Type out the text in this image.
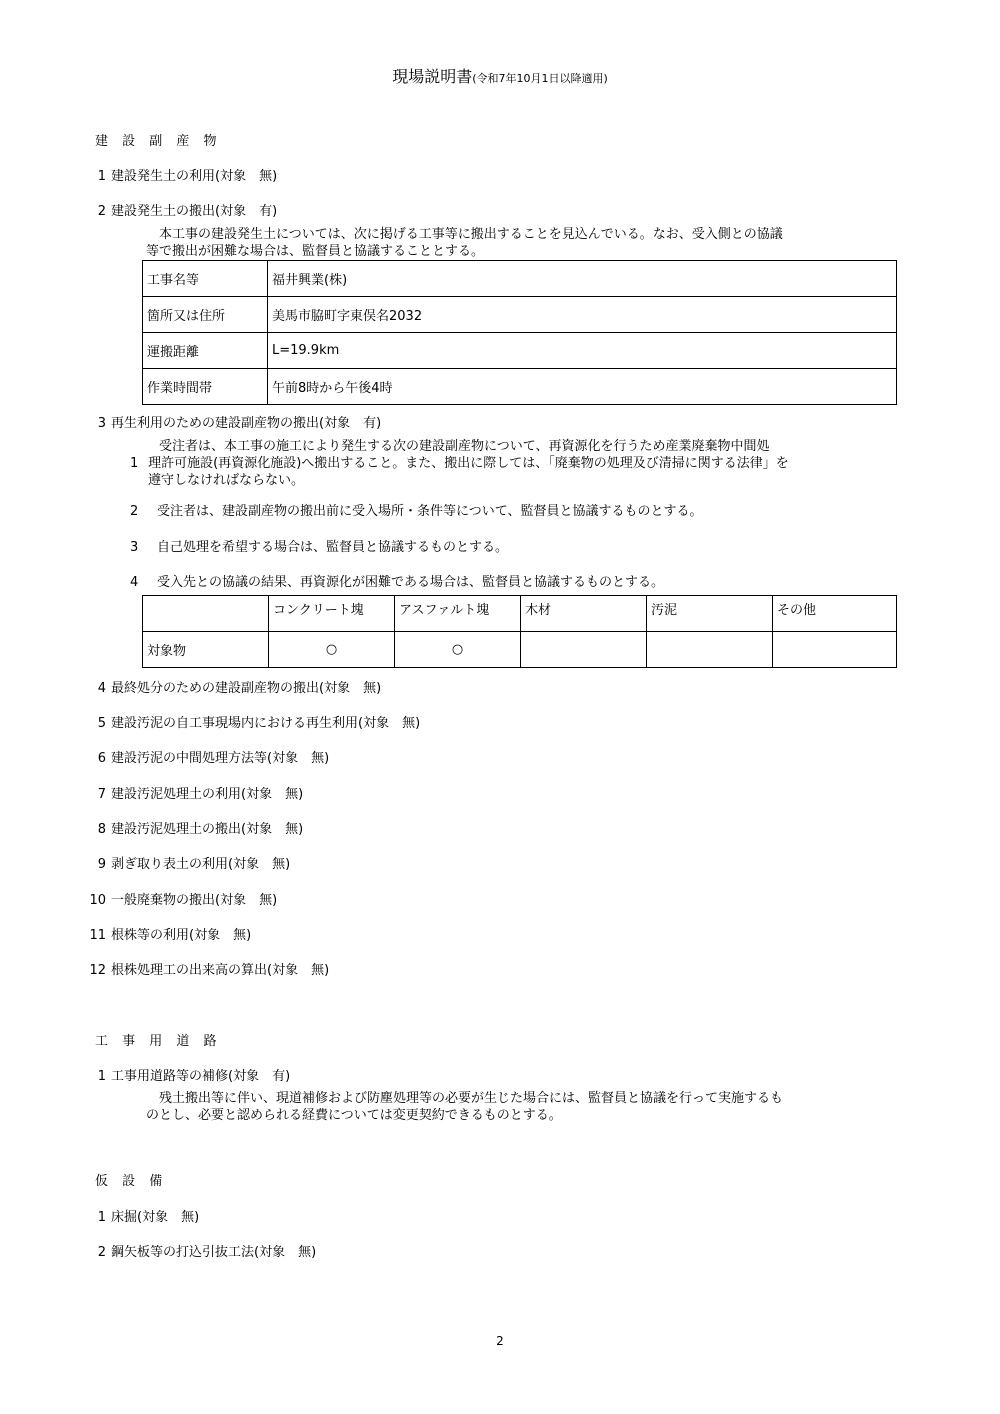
現場説明書(令和7年10月1日以降適用)
建 設 副 産 物
1 建設発生土の利用(対象　無)
2 建設発生土の搬出(対象　有)
本工事の建設発生土については、次に掲げる工事等に搬出することを見込んでいる。なお、受入側との協議
等で搬出が困難な場合は、監督員と協議することとする。
工事名等	福井興業(株)
箇所又は住所	美馬市脇町字東俣名2032
運搬距離	L=19.9km
作業時間帯	午前8時から午後4時
3 再生利用のための建設副産物の搬出(対象　有)
受注者は、本工事の施工により発生する次の建設副産物について、再資源化を行うため産業廃棄物中間処
1 理許可施設(再資源化施設)へ搬出すること。また、搬出に際しては、「廃棄物の処理及び清掃に関する法律」を
遵守しなければならない。
2　 受注者は、建設副産物の搬出前に受入場所・条件等について、監督員と協議するものとする。
3　 自己処理を希望する場合は、監督員と協議するものとする。
4　 受入先との協議の結果、再資源化が困難である場合は、監督員と協議するものとする。
	コンクリート塊	アスファルト塊	木材	汚泥	その他
対象物	○	○			
4 最終処分のための建設副産物の搬出(対象　無)
5 建設汚泥の自工事現場内における再生利用(対象　無)
6 建設汚泥の中間処理方法等(対象　無)
7 建設汚泥処理土の利用(対象　無)
8 建設汚泥処理土の搬出(対象　無)
9 剥ぎ取り表土の利用(対象　無)
10 一般廃棄物の搬出(対象　無)
11 根株等の利用(対象　無)
12 根株処理工の出来高の算出(対象　無)
工 事 用 道 路
1 工事用道路等の補修(対象　有)
残土搬出等に伴い、現道補修および防塵処理等の必要が生じた場合には、監督員と協議を行って実施するも
のとし、必要と認められる経費については変更契約できるものとする。
仮 設 備
1 床掘(対象　無)
2 鋼矢板等の打込引抜工法(対象　無)
2
